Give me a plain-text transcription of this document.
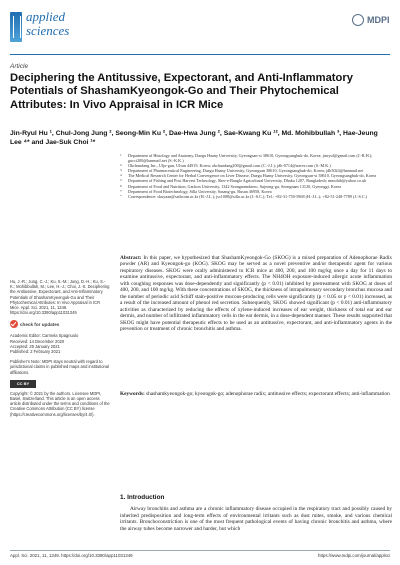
applied sciences
MDPI
Article
Deciphering the Antitussive, Expectorant, and Anti-Inflammatory Potentials of ShashamKyeongok-Go and Their Phytochemical Attributes: In Vivo Appraisal in ICR Mice
Jin-Ryul Hu ¹, Chul-Jong Jung ², Seong-Min Ku ², Dae-Hwa Jung ², Sae-Kwang Ku ¹², Md. Mohibbullah ³, Hae-Jeung Lee ⁴* and Jae-Suk Choi ¹*
1 Department of Histology and Anatomy, Daegu Haany University, Gyeongsan-si 38610, Gyeongsangbuk-do, Korea; jinryul@gmail.com (J.-R.H.); gucci200@hanmail.net (S.-K.K.)
2 Okchundang Inc., Ulju-gun, Ulsan 44919, Korea; okchundang200@gmail.com (C.-J.J.); jdh-0714@naver.com (S.-M.K.)
3 Department of Pharmaceutical Engineering, Daegu Haany University, Gyeongsan 38610, Gyeongsangbuk-do, Korea; jdh3024@hanmail.net
4 The Medical Research Center for Herbal Convergence on Liver Disease, Daegu Haany University, Gyeongsan-si 38610, Gyeongsangbuk-do, Korea
5 Department of Fishing and Post Harvest Technology, Sher-e-Bangla Agricultural University, Dhaka 1207, Bangladesh; mmohib@yahoo.co.uk
6 Department of Food and Nutrition, Gachon University, 1342 Seongnamdaero, Sujeong-gu, Seongnam 13120, Gyeonggi, Korea
7 Department of Food Biotechnology, Silla University, Sasang-gu, Busan 46958, Korea
* Correspondence: skuyaan@sathcom.ac.kr (H.-J.L.); jsc1008@silla.ac.kr (J.-S.C.); Tel.: +82-31-750-5968 (H.-J.L.); +82-51-248-7789 (J.-S.C.)
Hu, J.-R.; Jung, C.-J.; Ku, S.-M.; Jung, D.-H.; Ku, S.-K.; Mohibbullah, M.; Lee, H.-J.; Choi, J.-S. Deciphering the Antitussive, Expectorant, and Anti-Inflammatory Potentials of ShashamKyeongok-Go and Their Phytochemical Attributes: In Vivo Appraisal in ICR Mice. Appl. Sci. 2021, 11, 1349. https://doi.org/10.3390/app11031349
check for updates
Academic Editor: Carmela Spagnuolo
Received: 14 December 2020
Accepted: 29 January 2021
Published: 2 February 2021
Publisher's Note: MDPI stays neutral with regard to jurisdictional claims in published maps and institutional affiliations.
CC BY
Copyright: © 2021 by the authors. Licensee MDPI, Basel, Switzerland. This article is an open access article distributed under the terms and conditions of the Creative Commons Attribution (CC BY) license (https://creativecommons.org/licenses/by/4.0/).
Abstract: In this paper, we hypothesized that ShashamKyeongok-Go (SKOG) is a mixed preparation of Adenophorae Radix powder (AR) and Kyeongok-go (KOG). SKOG may be served as a novel preventive and/or therapeutic agent for various respiratory diseases. SKOG were orally administered to ICR mice at 400, 200, and 100 mg/kg once a day for 11 days to examine antitussive, expectorant, and anti-inflammatory effects. The NH4OH exposure-induced allergic acute inflammation with coughing responses was dose-dependently and significantly (p < 0.01) inhibited by pretreatment with SKOG at doses of 400, 200, and 100 mg/kg. With these concentrations of SKOG, the thickness of intrapulmonary secondary bronchus mucosa and the number of periodic acid Schiff stain-positive mucous-producing cells were significantly (p < 0.05 or p < 0.01) increased, as a result of the increased amount of phenol red secretion. Subsequently, SKOG showed significant (p < 0.01) anti-inflammatory activities as characterized by reducing the effects of xylene-induced increases of ear weight, thickness of total ear and ear dermis, and number of infiltrated inflammatory cells in the ear dermis, in a dose-dependent manner. These results supported that SKOG might have potential therapeutic effects to be used as an antitussive, expectorant, and anti-inflammatory agents in the prevention or treatment of chronic bronchitis and asthma.
Keywords: shashamkyeongok-go; kyeongok-go; adenophorae radix; antitussive effects; expectorant effects; anti-inflammation
1. Introduction
Airway bronchitis and asthma are a chronic inflammatory disease occupied in the respiratory tract and possibly caused by inherited predisposition and long-term effects of environmental irritants such as dust mites, smoke, and various chemical irritants. Bronchoconstriction is one of the most frequent pathological events of having chronic bronchitis and asthma, where the airway tubes become narrower and harder, but which
Appl. Sci. 2021, 11, 1349. https://doi.org/10.3390/app11031349	https://www.mdpi.com/journal/applsci
